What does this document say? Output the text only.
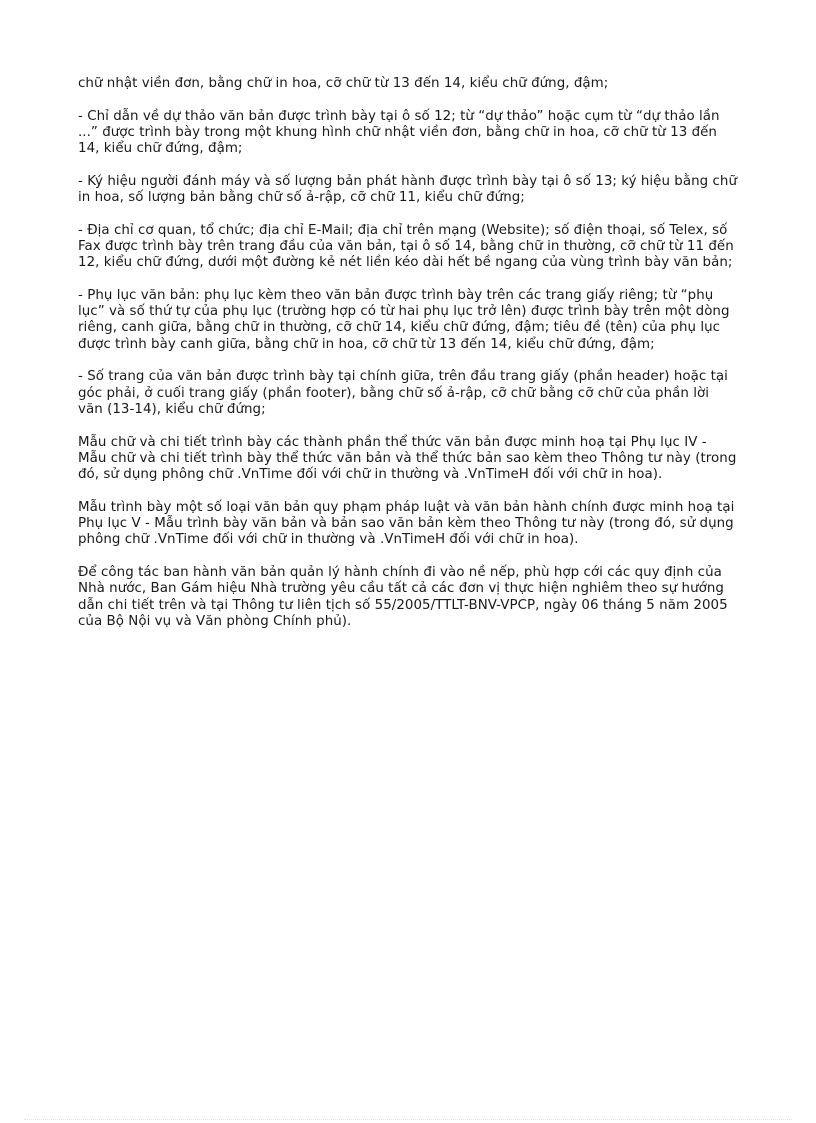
chữ nhật viền đơn, bằng chữ in hoa, cỡ chữ từ 13 đến 14, kiểu chữ đứng, đậm;

- Chỉ dẫn về dự thảo văn bản được trình bày tại ô số 12; từ “dự thảo” hoặc cụm từ “dự thảo lần ...” được trình bày trong một khung hình chữ nhật viền đơn, bằng chữ in hoa, cỡ chữ từ 13 đến 14, kiểu chữ đứng, đậm;

- Ký hiệu người đánh máy và số lượng bản phát hành được trình bày tại ô số 13; ký hiệu bằng chữ in hoa, số lượng bản bằng chữ số ả-rập, cỡ chữ 11, kiểu chữ đứng;

- Địa chỉ cơ quan, tổ chức; địa chỉ E-Mail; địa chỉ trên mạng (Website); số điện thoại, số Telex, số Fax được trình bày trên trang đầu của văn bản, tại ô số 14, bằng chữ in thường, cỡ chữ từ 11 đến 12, kiểu chữ đứng, dưới một đường kẻ nét liền kéo dài hết bề ngang của vùng trình bày văn bản;

- Phụ lục văn bản: phụ lục kèm theo văn bản được trình bày trên các trang giấy riêng; từ “phụ lục” và số thứ tự của phụ lục (trường hợp có từ hai phụ lục trở lên) được trình bày trên một dòng riêng, canh giữa, bằng chữ in thường, cỡ chữ 14, kiểu chữ đứng, đậm; tiêu đề (tên) của phụ lục được trình bày canh giữa, bằng chữ in hoa, cỡ chữ từ 13 đến 14, kiểu chữ đứng, đậm;

- Số trang của văn bản được trình bày tại chính giữa, trên đầu trang giấy (phần header) hoặc tại góc phải, ở cuối trang giấy (phần footer), bằng chữ số ả-rập, cỡ chữ bằng cỡ chữ của phần lời văn (13-14), kiểu chữ đứng;

Mẫu chữ và chi tiết trình bày các thành phần thể thức văn bản được minh hoạ tại Phụ lục IV - Mẫu chữ và chi tiết trình bày thể thức văn bản và thể thức bản sao kèm theo Thông tư này (trong đó, sử dụng phông chữ .VnTime đối với chữ in thường và .VnTimeH đối với chữ in hoa).

Mẫu trình bày một số loại văn bản quy phạm pháp luật và văn bản hành chính được minh hoạ tại Phụ lục V - Mẫu trình bày văn bản và bản sao văn bản kèm theo Thông tư này (trong đó, sử dụng phông chữ .VnTime đối với chữ in thường và .VnTimeH đối với chữ in hoa).

Để công tác ban hành văn bản quản lý hành chính đi vào nề nếp, phù hợp cới các quy định của Nhà nước, Ban Gám hiệu Nhà trường yêu cầu tất cả các đơn vị thực hiện nghiêm theo sự hướng dẫn chi tiết trên và tại Thông tư liên tịch số 55/2005/TTLT-BNV-VPCP, ngày 06 tháng 5 năm 2005 của Bộ Nội vụ và Văn phòng Chính phủ).
